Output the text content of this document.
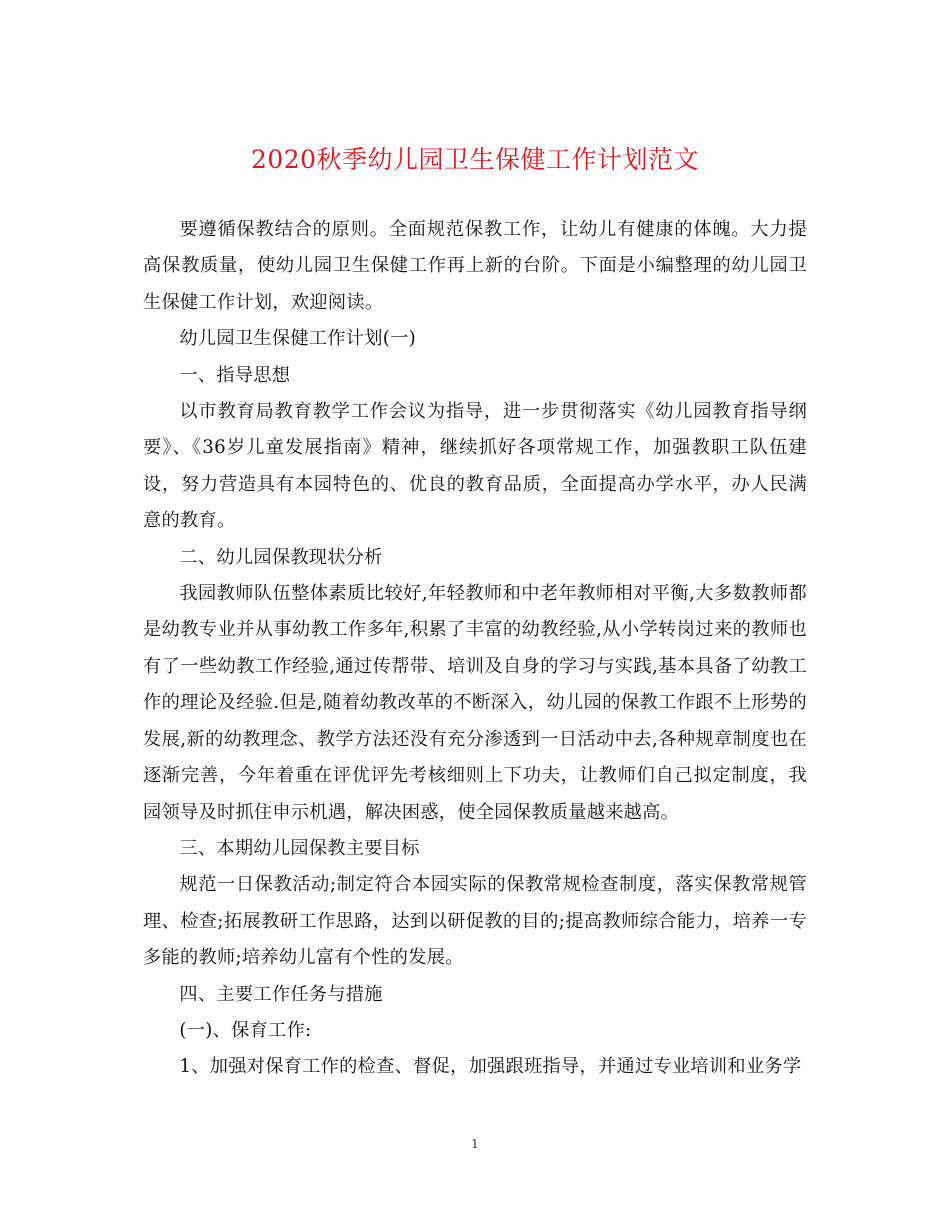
2020秋季幼儿园卫生保健工作计划范文

要遵循保教结合的原则。全面规范保教工作，让幼儿有健康的体魄。大力提高保教质量，使幼儿园卫生保健工作再上新的台阶。下面是小编整理的幼儿园卫生保健工作计划，欢迎阅读。

幼儿园卫生保健工作计划(一)

一、指导思想

以市教育局教育教学工作会议为指导，进一步贯彻落实《幼儿园教育指导纲要》、《36岁儿童发展指南》精神，继续抓好各项常规工作，加强教职工队伍建设，努力营造具有本园特色的、优良的教育品质，全面提高办学水平，办人民满意的教育。

二、幼儿园保教现状分析

我园教师队伍整体素质比较好,年轻教师和中老年教师相对平衡,大多数教师都是幼教专业并从事幼教工作多年,积累了丰富的幼教经验,从小学转岗过来的教师也有了一些幼教工作经验,通过传帮带、培训及自身的学习与实践,基本具备了幼教工作的理论及经验.但是,随着幼教改革的不断深入，幼儿园的保教工作跟不上形势的发展,新的幼教理念、教学方法还没有充分渗透到一日活动中去,各种规章制度也在逐渐完善，今年着重在评优评先考核细则上下功夫，让教师们自己拟定制度，我园领导及时抓住申示机遇，解决困惑，使全园保教质量越来越高。

三、本期幼儿园保教主要目标

规范一日保教活动;制定符合本园实际的保教常规检查制度，落实保教常规管理、检查;拓展教研工作思路，达到以研促教的目的;提高教师综合能力，培养一专多能的教师;培养幼儿富有个性的发展。

四、主要工作任务与措施

(一)、保育工作:

1、加强对保育工作的检查、督促，加强跟班指导，并通过专业培训和业务学

1
